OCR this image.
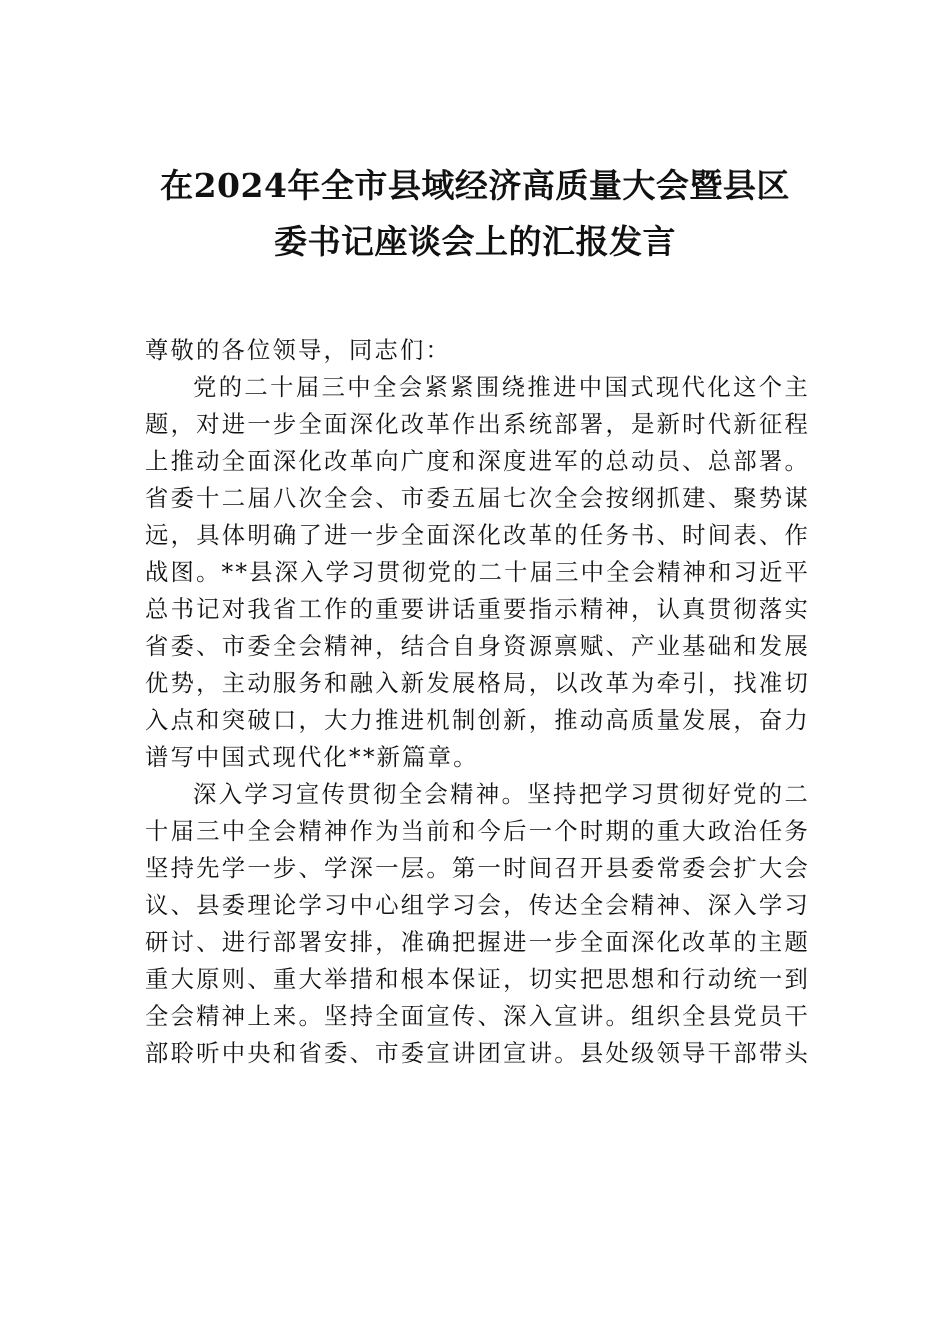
在2024年全市县域经济高质量大会暨县区
委书记座谈会上的汇报发言
尊敬的各位领导，同志们：
党的二十届三中全会紧紧围绕推进中国式现代化这个主
题，对进一步全面深化改革作出系统部署，是新时代新征程
上推动全面深化改革向广度和深度进军的总动员、总部署。
省委十二届八次全会、市委五届七次全会按纲抓建、聚势谋
远，具体明确了进一步全面深化改革的任务书、时间表、作
战图。**县深入学习贯彻党的二十届三中全会精神和习近平
总书记对我省工作的重要讲话重要指示精神，认真贯彻落实
省委、市委全会精神，结合自身资源禀赋、产业基础和发展
优势，主动服务和融入新发展格局，以改革为牵引，找准切
入点和突破口，大力推进机制创新，推动高质量发展，奋力
谱写中国式现代化**新篇章。
深入学习宣传贯彻全会精神。坚持把学习贯彻好党的二
十届三中全会精神作为当前和今后一个时期的重大政治任务
坚持先学一步、学深一层。第一时间召开县委常委会扩大会
议、县委理论学习中心组学习会，传达全会精神、深入学习
研讨、进行部署安排，准确把握进一步全面深化改革的主题
重大原则、重大举措和根本保证，切实把思想和行动统一到
全会精神上来。坚持全面宣传、深入宣讲。组织全县党员干
部聆听中央和省委、市委宣讲团宣讲。县处级领导干部带头
